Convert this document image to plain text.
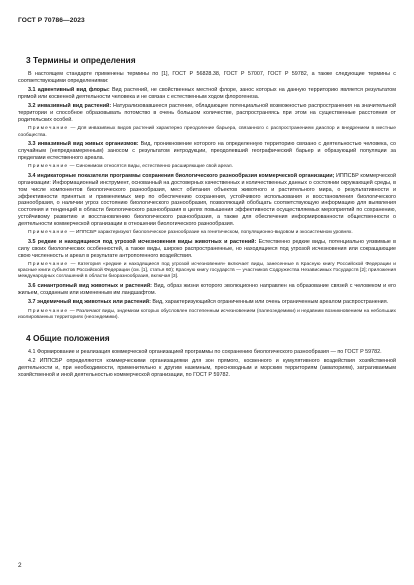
ГОСТ Р 70786—2023
3 Термины и определения

В настоящем стандарте применены термины по [1], ГОСТ Р 56828.38, ГОСТ Р 57007, ГОСТ Р 59782, а также следующие термины с соответствующими определениями:

3.1 адвентивный вид флоры: Вид растений, не свойственных местной флоре, занос которых на данную территорию является результатом прямой или косвенной деятельности человека и не связан с естественным ходом флорогенеза.

3.2 инвазивный вид растений: Натурализовавшееся растение, обладающее потенциальной возможностью распространения на значительной территории и способное образовывать потомство в очень большом количестве, распространяясь при этом на существенные расстояния от родительских особей.

Примечание — Для инвазивных видов растений характерно преодоление барьера, связанного с распространением диаспор и внедрением в местные сообщества.

3.3 инвазивный вид живых организмов: Вид, проникновение которого на определенную территорию связано с деятельностью человека, со случайным (непреднамеренным) заносом с результатом интродукции, преодолевший географический барьер и образующий популяции за пределами естественного ареала.

Примечание — Синонимом относятся виды, естественно расширяющие свой ареал.

3.4 индикаторные показатели программы сохранения биологического разнообразия коммерческой организации; ИППСБР коммерческой организации: Информационный инструмент, основанный на достоверных качественных и количественных данных о состоянии окружающей среды, в том числе компонентов биологического разнообразия, мест обитания объектов животного и растительного мира, о результативности и эффективности принятых и применяемых мер по обеспечению сохранения, устойчивого использования и восстановления биологического разнообразия, о наличии угроз состоянию биологического разнообразия, позволяющий обобщать соответствующую информацию для выявления состояния и тенденций в области биологического разнообразия в целях повышения эффективности осуществляемых мероприятий по сохранению, устойчивому развитию и восстановлению биологического разнообразия, а также для обеспечения информированности общественности о деятельности коммерческой организации в отношении биологического разнообразия.

Примечание — ИППСБР характеризуют биологическое разнообразие на генетическом, популяционно-видовом и экосистемном уровнях.

3.5 редкие и находящиеся под угрозой исчезновения виды животных и растений: Естественно редкие виды, потенциально уязвимые в силу своих биологических особенностей, а также виды, широко распространенные, но находящиеся под угрозой исчезновения или сокращающие свою численность и ареал в результате антропогенного воздействия.

Примечание — Категория «редкие и находящиеся под угрозой исчезновения» включает виды, занесенные в Красную книгу Российской Федерации и красные книги субъектов Российской Федерации (см. [1], статья 60); Красную книгу государств — участников Содружества Независимых Государств [2]; приложения международных соглашений в области биоразнообразия, включая [3].

3.6 синантропный вид животных и растений: Вид, образ жизни которого эволюционно направлен на образование связей с человеком и его жильем, созданным или измененным им ландшафтом.

3.7 эндемичный вид животных или растений: Вид, характеризующийся ограниченным или очень ограниченным ареалом распространения.

Примечание — Различают виды, эндемизм которых обусловлен постепенным исчезновением (палеоэндемики) и недавним возникновением на небольших изолированных территориях (неоэндемики).

4 Общие положения

4.1 Формирование и реализация коммерческой организацией программы по сохранению биологического разнообразия — по ГОСТ Р 59782.

4.2 ИППСБР определяются коммерческими организациями для зон прямого, косвенного и кумулятивного воздействия хозяйственной деятельности и, при необходимости, применительно к другим наземным, пресноводным и морским территориям (акваториям), затрагиваемым хозяйственной и иной деятельностью коммерческой организации, по ГОСТ Р 59782.

2
